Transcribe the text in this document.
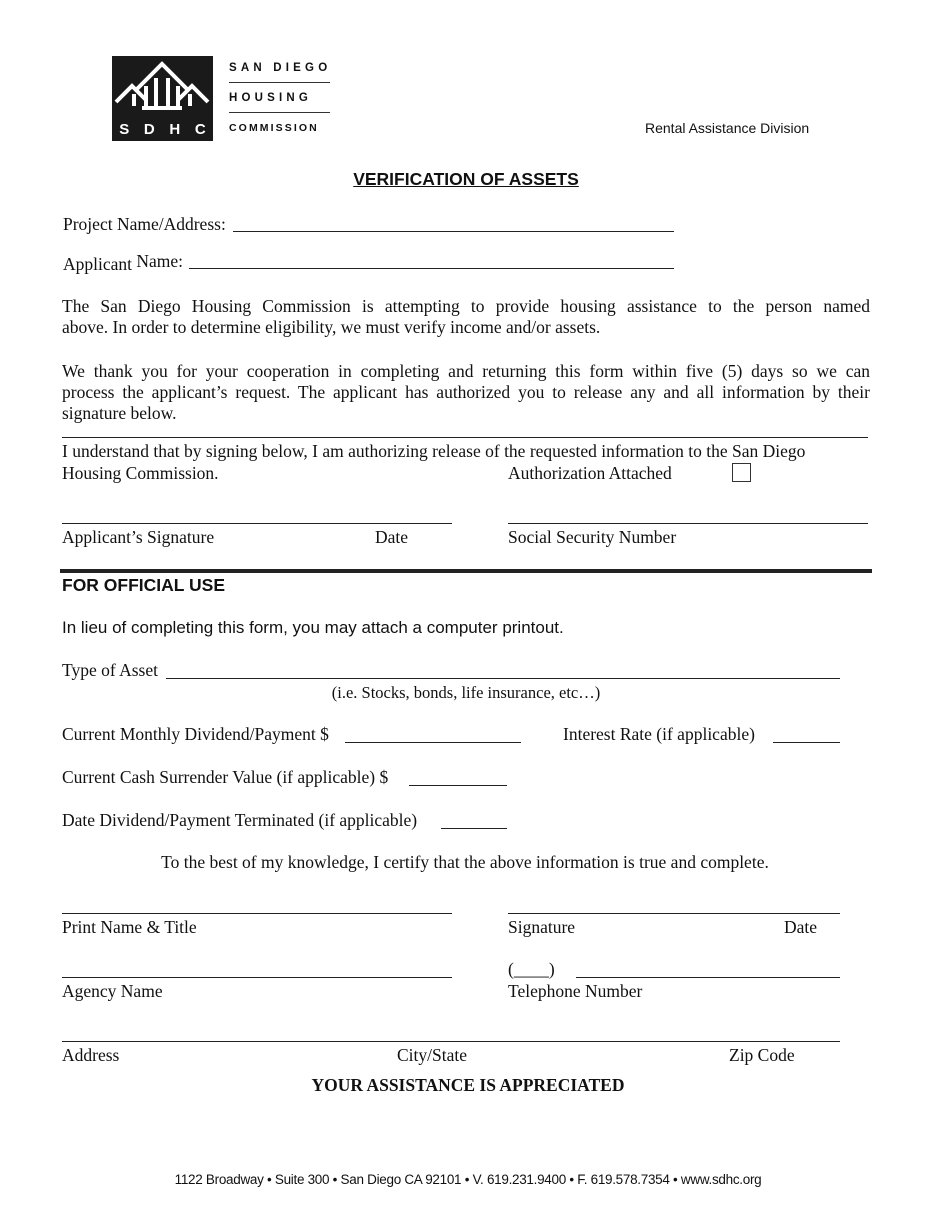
S D H C
SAN DIEGO
HOUSING
COMMISSION	Rental Assistance Division
VERIFICATION OF ASSETS
Project Name/Address:
Applicant Name:
The San Diego Housing Commission is attempting to provide housing assistance to the person named
above. In order to determine eligibility, we must verify income and/or assets.
We thank you for your cooperation in completing and returning this form within five (5) days so we can
process the applicant’s request. The applicant has authorized you to release any and all information by their
signature below.
I understand that by signing below, I am authorizing release of the requested information to the San Diego
Housing Commission.	Authorization Attached
Applicant’s Signature	Date	Social Security Number
FOR OFFICIAL USE
In lieu of completing this form, you may attach a computer printout.
Type of Asset
(i.e. Stocks, bonds, life insurance, etc…)
Current Monthly Dividend/Payment $	Interest Rate (if applicable)
Current Cash Surrender Value (if applicable) $
Date Dividend/Payment Terminated (if applicable)
To the best of my knowledge, I certify that the above information is true and complete.
Print Name & Title	Signature	Date
(____)
Agency Name	Telephone Number
Address	City/State	Zip Code
YOUR ASSISTANCE IS APPRECIATED
1122 Broadway • Suite 300 • San Diego CA 92101 • V. 619.231.9400 • F. 619.578.7354 • www.sdhc.org
